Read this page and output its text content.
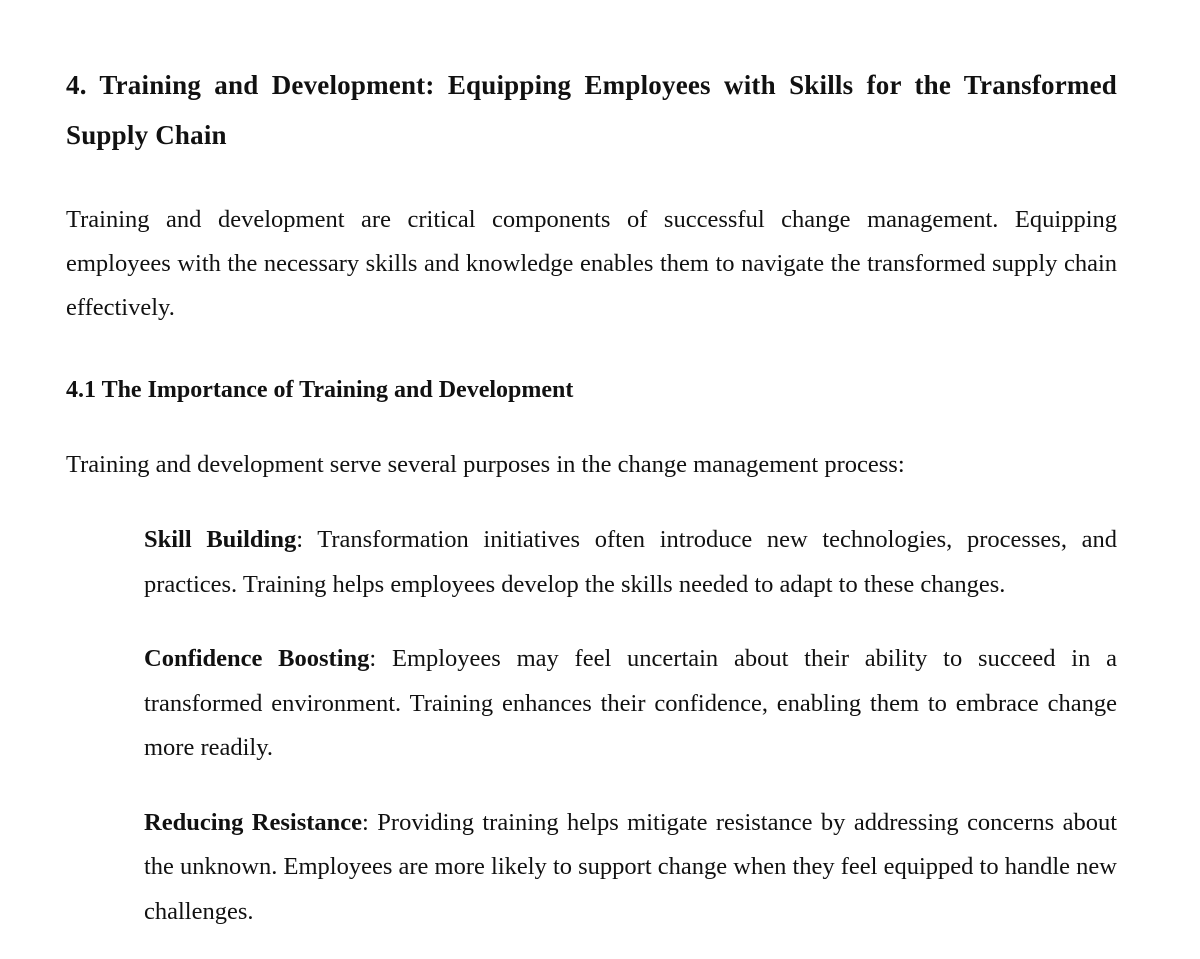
4. Training and Development: Equipping Employees with Skills for the Transformed Supply Chain

Training and development are critical components of successful change management. Equipping employees with the necessary skills and knowledge enables them to navigate the transformed supply chain effectively.

4.1 The Importance of Training and Development

Training and development serve several purposes in the change management process:

Skill Building: Transformation initiatives often introduce new technologies, processes, and practices. Training helps employees develop the skills needed to adapt to these changes.

Confidence Boosting: Employees may feel uncertain about their ability to succeed in a transformed environment. Training enhances their confidence, enabling them to embrace change more readily.

Reducing Resistance: Providing training helps mitigate resistance by addressing concerns about the unknown. Employees are more likely to support change when they feel equipped to handle new challenges.
